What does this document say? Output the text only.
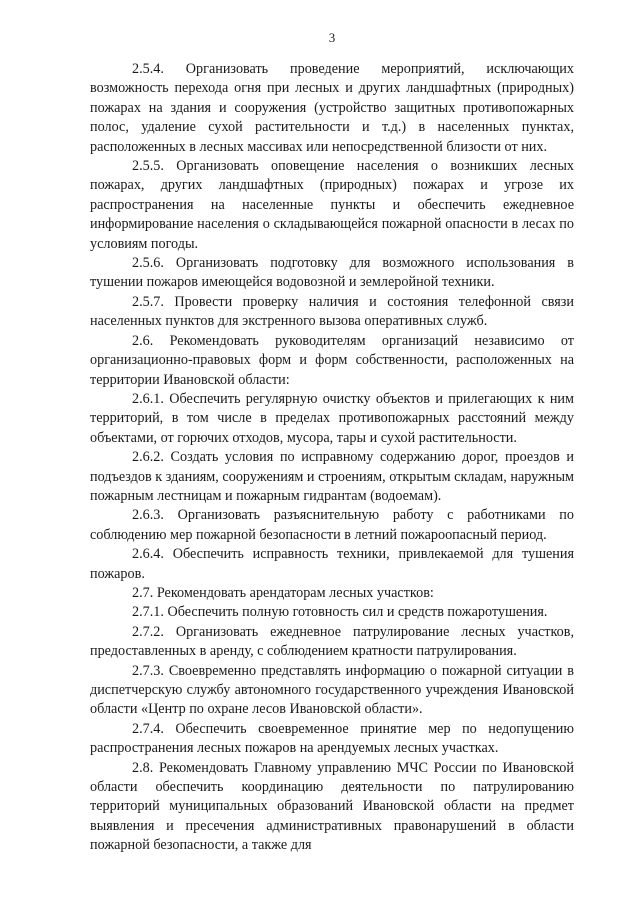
3

2.5.4. Организовать проведение мероприятий, исключающих возможность перехода огня при лесных и других ландшафтных (природных) пожарах на здания и сооружения (устройство защитных противопожарных полос, удаление сухой растительности и т.д.) в населенных пунктах, расположенных в лесных массивах или непосредственной близости от них.

2.5.5. Организовать оповещение населения о возникших лесных пожарах, других ландшафтных (природных) пожарах и угрозе их распространения на населенные пункты и обеспечить ежедневное информирование населения о складывающейся пожарной опасности в лесах по условиям погоды.

2.5.6. Организовать подготовку для возможного использования в тушении пожаров имеющейся водовозной и землеройной техники.

2.5.7. Провести проверку наличия и состояния телефонной связи населенных пунктов для экстренного вызова оперативных служб.

2.6. Рекомендовать руководителям организаций независимо от организационно-правовых форм и форм собственности, расположенных на территории Ивановской области:

2.6.1. Обеспечить регулярную очистку объектов и прилегающих к ним территорий, в том числе в пределах противопожарных расстояний между объектами, от горючих отходов, мусора, тары и сухой растительности.

2.6.2. Создать условия по исправному содержанию дорог, проездов и подъездов к зданиям, сооружениям и строениям, открытым складам, наружным пожарным лестницам и пожарным гидрантам (водоемам).

2.6.3. Организовать разъяснительную работу с работниками по соблюдению мер пожарной безопасности в летний пожароопасный период.

2.6.4. Обеспечить исправность техники, привлекаемой для тушения пожаров.

2.7. Рекомендовать арендаторам лесных участков:

2.7.1. Обеспечить полную готовность сил и средств пожаротушения.

2.7.2. Организовать ежедневное патрулирование лесных участков, предоставленных в аренду, с соблюдением кратности патрулирования.

2.7.3. Своевременно представлять информацию о пожарной ситуации в диспетчерскую службу автономного государственного учреждения Ивановской области «Центр по охране лесов Ивановской области».

2.7.4. Обеспечить своевременное принятие мер по недопущению распространения лесных пожаров на арендуемых лесных участках.

2.8. Рекомендовать Главному управлению МЧС России по Ивановской области обеспечить координацию деятельности по патрулированию территорий муниципальных образований Ивановской области на предмет выявления и пресечения административных правонарушений в области пожарной безопасности, а также для
